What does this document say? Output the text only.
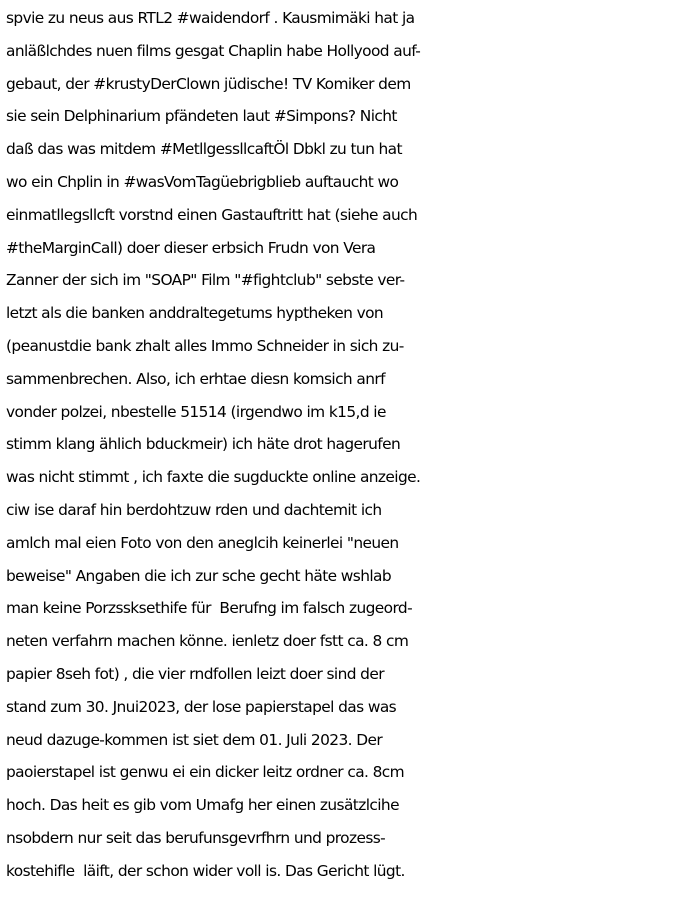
spvie zu neus aus RTL2 #waidendorf . Kausmimäki hat ja
anläßlchdes nuen films gesgat Chaplin habe Hollyood auf-
gebaut, der #krustyDerClown jüdische! TV Komiker dem
sie sein Delphinarium pfändeten laut #Simpons? Nicht
daß das was mitdem #MetllgessllcaftÖl Dbkl zu tun hat
wo ein Chplin in #wasVomTagüebrigblieb auftaucht wo
einmatllegsllcft vorstnd einen Gastauftritt hat (siehe auch
#theMarginCall) doer dieser erbsich Frudn von Vera
Zanner der sich im "SOAP" Film "#fightclub" sebste ver-
letzt als die banken anddraltegetums hyptheken von
(peanustdie bank zhalt alles Immo Schneider in sich zu-
sammenbrechen. Also, ich erhtae diesn komsich anrf
vonder polzei, nbestelle 51514 (irgendwo im k15,d ie
stimm klang ählich bduckmeir) ich häte drot hagerufen
was nicht stimmt , ich faxte die sugduckte online anzeige.
ciw ise daraf hin berdohtzuw rden und dachtemit ich
amlch mal eien Foto von den aneglcih keinerlei "neuen
beweise" Angaben die ich zur sche gecht häte wshlab
man keine Porzssksethife für  Berufng im falsch zugeord-
neten verfahrn machen könne. ienletz doer fstt ca. 8 cm
papier 8seh fot) , die vier rndfollen leizt doer sind der
stand zum 30. Jnui2023, der lose papierstapel das was
neud dazuge-kommen ist siet dem 01. Juli 2023. Der
paoierstapel ist genwu ei ein dicker leitz ordner ca. 8cm
hoch. Das heit es gib vom Umafg her einen zusätzlcihe
nsobdern nur seit das berufunsgevrfhrn und prozess-
kostehifle  läift, der schon wider voll is. Das Gericht lügt.
